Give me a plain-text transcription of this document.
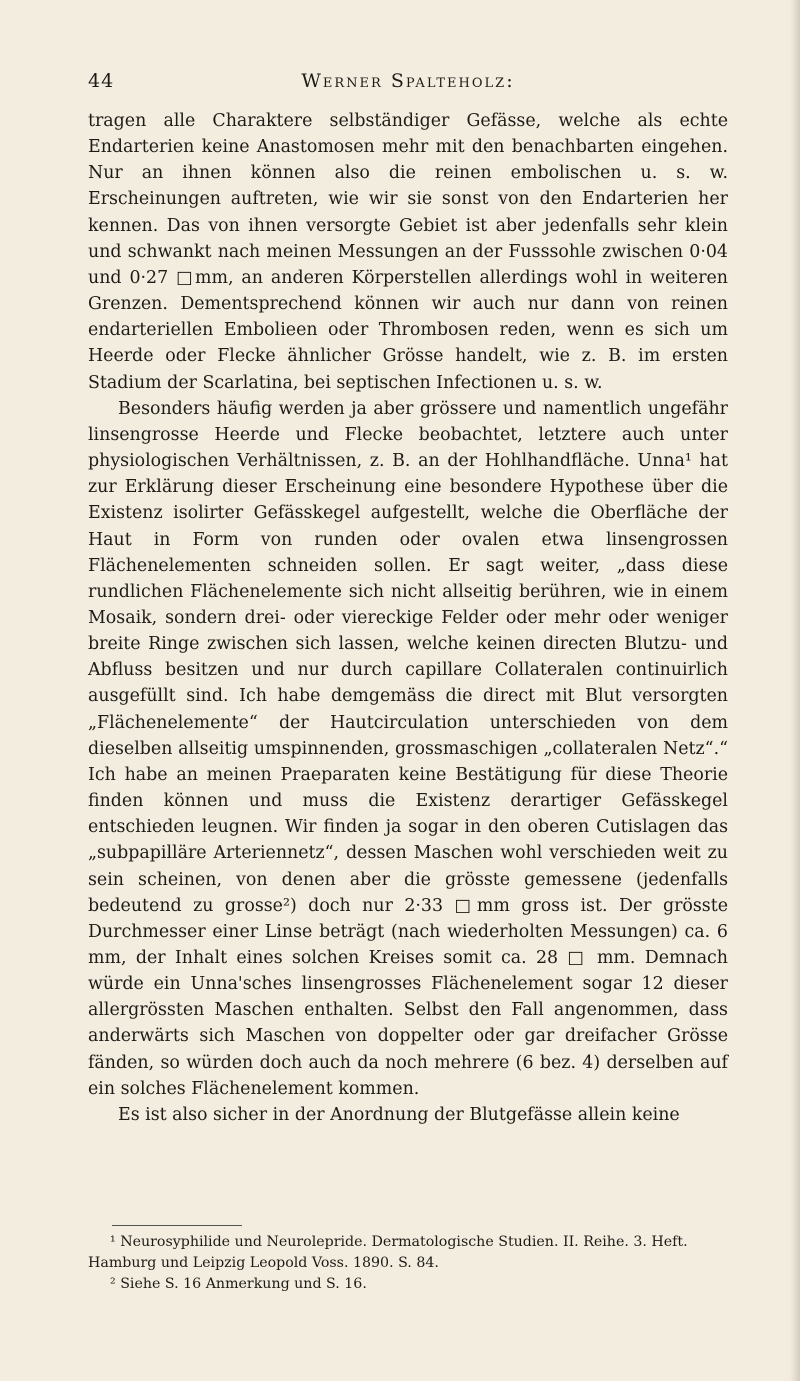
44	Werner Spalteholz:

tragen alle Charaktere selbständiger Gefässe, welche als echte Endarterien keine Anastomosen mehr mit den benachbarten eingehen. Nur an ihnen können also die reinen embolischen u. s. w. Erscheinungen auftreten, wie wir sie sonst von den Endarterien her kennen. Das von ihnen versorgte Gebiet ist aber jedenfalls sehr klein und schwankt nach meinen Messungen an der Fusssohle zwischen 0·04 und 0·27 □mm, an anderen Körperstellen allerdings wohl in weiteren Grenzen. Dementsprechend können wir auch nur dann von reinen endarteriellen Embolieen oder Thrombosen reden, wenn es sich um Heerde oder Flecke ähnlicher Grösse handelt, wie z. B. im ersten Stadium der Scarlatina, bei septischen Infectionen u. s. w.

Besonders häufig werden ja aber grössere und namentlich ungefähr linsengrosse Heerde und Flecke beobachtet, letztere auch unter physiologischen Verhältnissen, z. B. an der Hohlhandfläche. Unna¹ hat zur Erklärung dieser Erscheinung eine besondere Hypothese über die Existenz isolirter Gefässkegel aufgestellt, welche die Oberfläche der Haut in Form von runden oder ovalen etwa linsengrossen Flächenelementen schneiden sollen. Er sagt weiter, „dass diese rundlichen Flächenelemente sich nicht allseitig berühren, wie in einem Mosaik, sondern drei- oder viereckige Felder oder mehr oder weniger breite Ringe zwischen sich lassen, welche keinen directen Blutzu- und Abfluss besitzen und nur durch capillare Collateralen continuirlich ausgefüllt sind. Ich habe demgemäss die direct mit Blut versorgten „Flächenelemente“ der Hautcirculation unterschieden von dem dieselben allseitig umspinnenden, grossmaschigen „collateralen Netz“.“ Ich habe an meinen Praeparaten keine Bestätigung für diese Theorie finden können und muss die Existenz derartiger Gefässkegel entschieden leugnen. Wir finden ja sogar in den oberen Cutislagen das „subpapilläre Arteriennetz“, dessen Maschen wohl verschieden weit zu sein scheinen, von denen aber die grösste gemessene (jedenfalls bedeutend zu grosse²) doch nur 2·33 □mm gross ist. Der grösste Durchmesser einer Linse beträgt (nach wiederholten Messungen) ca. 6 mm, der Inhalt eines solchen Kreises somit ca. 28 □ mm. Demnach würde ein Unna'sches linsengrosses Flächenelement sogar 12 dieser allergrössten Maschen enthalten. Selbst den Fall angenommen, dass anderwärts sich Maschen von doppelter oder gar dreifacher Grösse fänden, so würden doch auch da noch mehrere (6 bez. 4) derselben auf ein solches Flächenelement kommen.

Es ist also sicher in der Anordnung der Blutgefässe allein keine

¹ Neurosyphilide und Neurolepride. Dermatologische Studien. II. Reihe. 3. Heft. Hamburg und Leipzig Leopold Voss. 1890. S. 84.
² Siehe S. 16 Anmerkung und S. 16.
